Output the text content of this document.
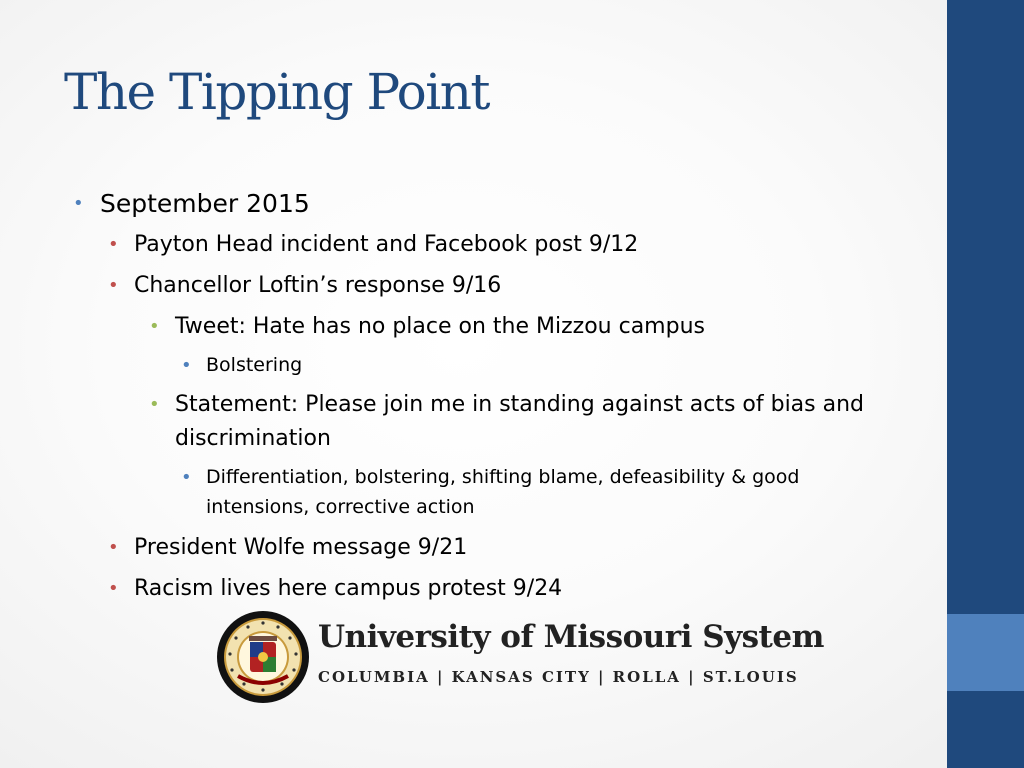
The Tipping Point
• September 2015
• Payton Head incident and Facebook post 9/12
• Chancellor Loftin’s response 9/16
• Tweet: Hate has no place on the Mizzou campus
• Bolstering
• Statement: Please join me in standing against acts of bias and
discrimination
• Differentiation, bolstering, shifting blame, defeasibility & good
intensions, corrective action
• President Wolfe message 9/21
• Racism lives here campus protest 9/24
University of Missouri System
COLUMBIA | KANSAS CITY | ROLLA | ST.LOUIS
